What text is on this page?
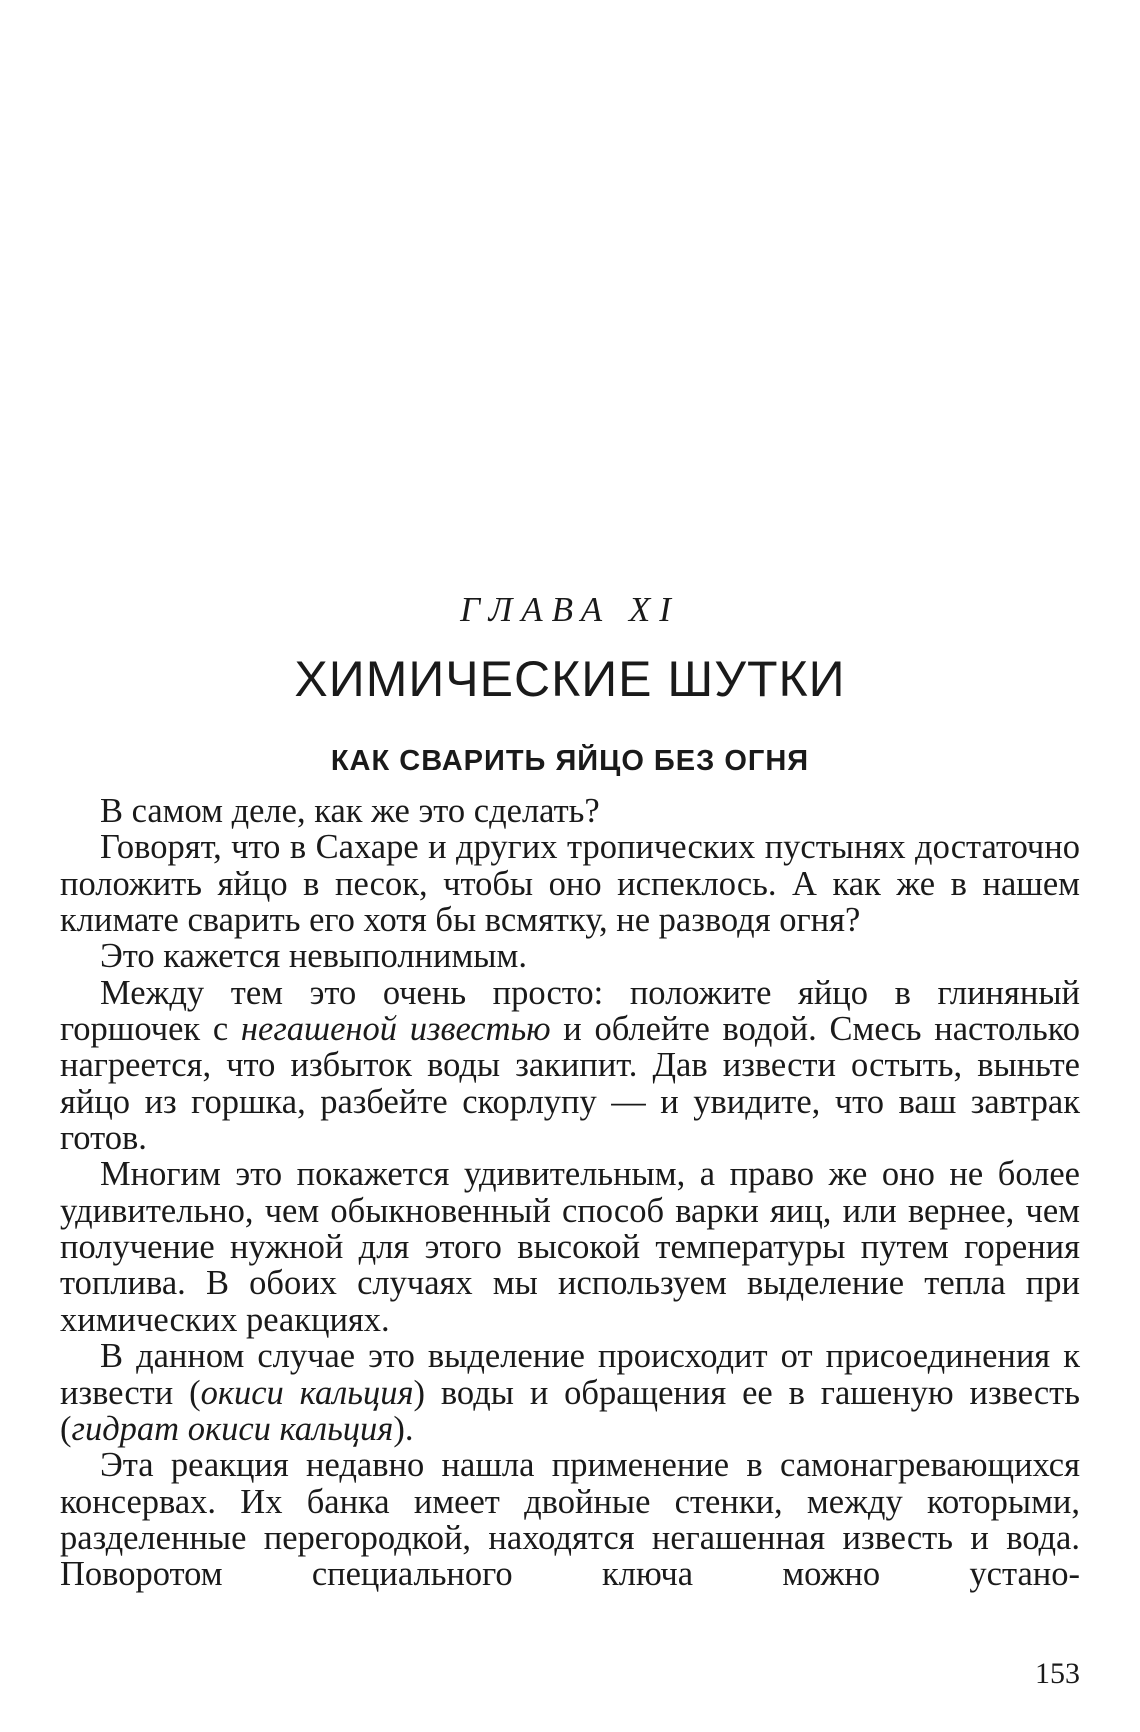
ГЛАВА XI
ХИМИЧЕСКИЕ ШУТКИ
КАК СВАРИТЬ ЯЙЦО БЕЗ ОГНЯ

В самом деле, как же это сделать?

Говорят, что в Сахаре и других тропических пустынях достаточно положить яйцо в песок, чтобы оно испеклось. А как же в нашем климате сварить его хотя бы всмятку, не разводя огня?

Это кажется невыполнимым.

Между тем это очень просто: положите яйцо в глиняный горшочек с негашеной известью и облейте водой. Смесь настолько нагреется, что избыток воды закипит. Дав извести остыть, выньте яйцо из горшка, разбейте скорлупу — и увидите, что ваш завтрак готов.

Многим это покажется удивительным, а право же оно не более удивительно, чем обыкновенный способ варки яиц, или вернее, чем получение нужной для этого высокой температуры путем горения топлива. В обоих случаях мы используем выделение тепла при химических реакциях.

В данном случае это выделение происходит от присоединения к извести (окиси кальция) воды и обращения ее в гашеную известь (гидрат окиси кальция).

Эта реакция недавно нашла применение в самонагревающихся консервах. Их банка имеет двойные стенки, между которыми, разделенные перегородкой, находятся негашенная известь и вода. Поворотом специального ключа можно устано-

153
